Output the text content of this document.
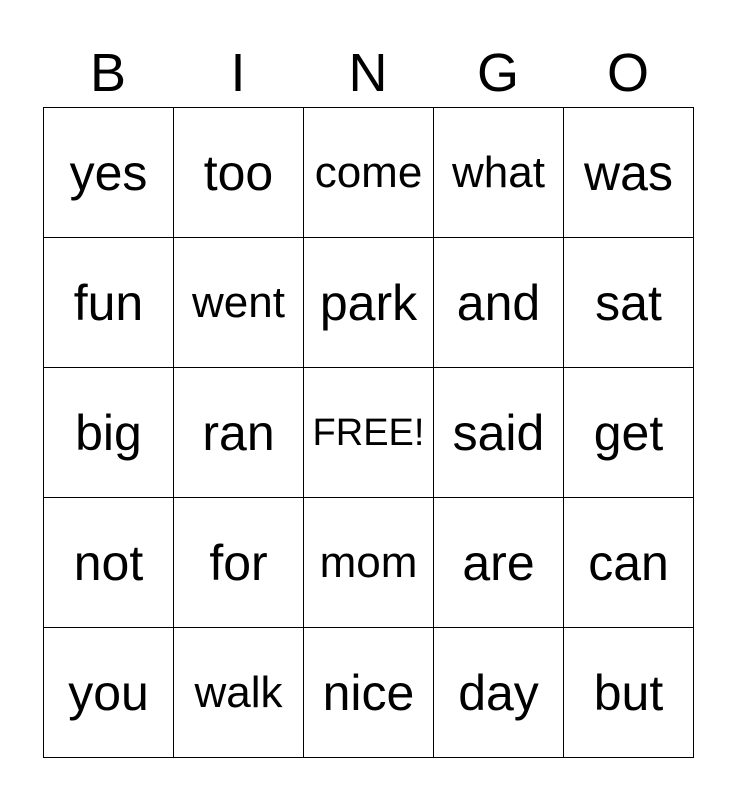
B	I	N	G	O
yes too come what was
fun went park and sat
big ran FREE! said get
not for mom are can
you walk nice day but
